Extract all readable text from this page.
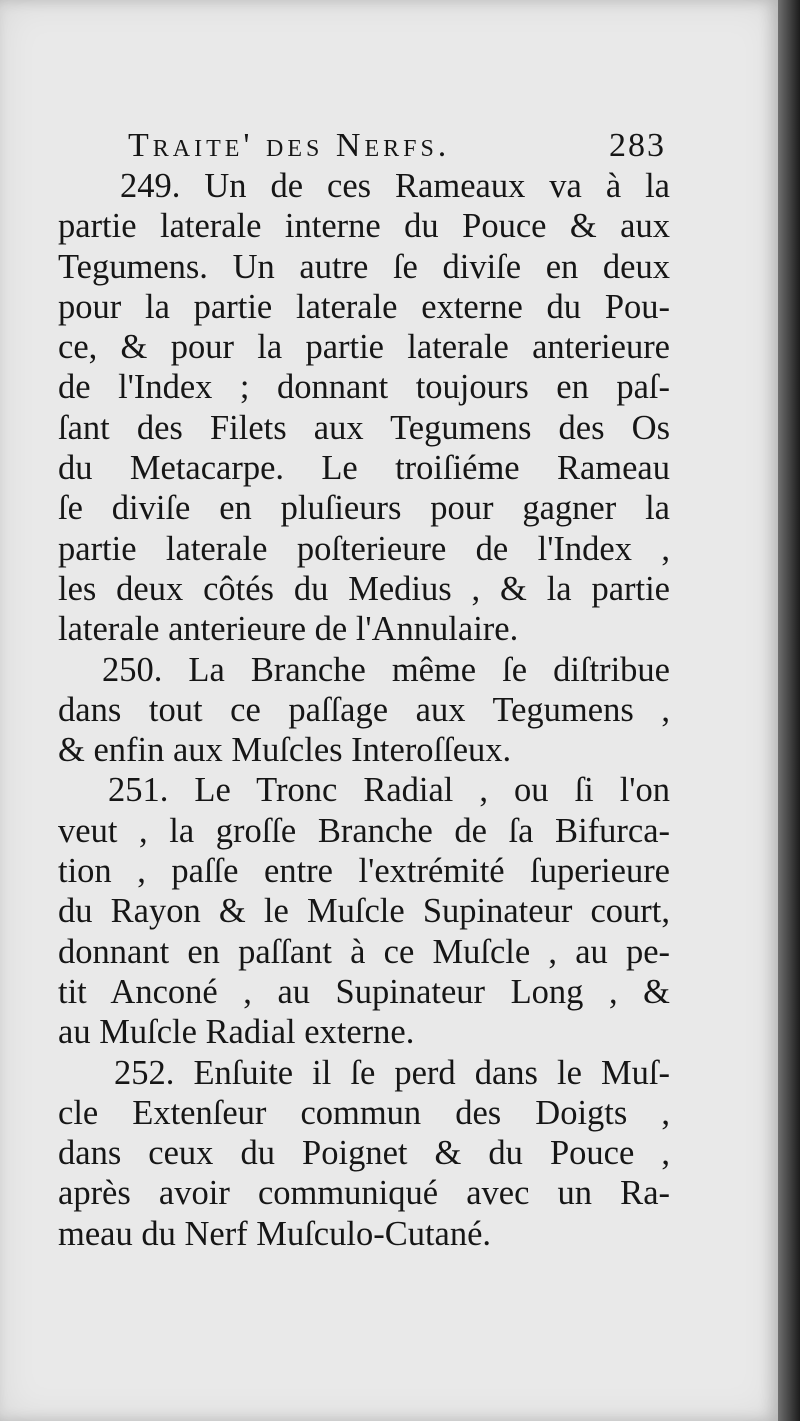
Traite' des Nerfs.	283
249. Un de ces Rameaux va à la
partie laterale interne du Pouce & aux
Tegumens. Un autre ſe diviſe en deux
pour la partie laterale externe du Pou-
ce, & pour la partie laterale anterieure
de l'Index ; donnant toujours en paſ-
ſant des Filets aux Tegumens des Os
du Metacarpe. Le troiſiéme Rameau
ſe diviſe en pluſieurs pour gagner la
partie laterale poſterieure de l'Index ,
les deux côtés du Medius , & la partie
laterale anterieure de l'Annulaire.
250. La Branche même ſe diſtribue
dans tout ce paſſage aux Tegumens ,
& enfin aux Muſcles Interoſſeux.
251. Le Tronc Radial , ou ſi l'on
veut , la groſſe Branche de ſa Bifurca-
tion , paſſe entre l'extrémité ſuperieure
du Rayon & le Muſcle Supinateur court,
donnant en paſſant à ce Muſcle , au pe-
tit Anconé , au Supinateur Long , &
au Muſcle Radial externe.
252. Enſuite il ſe perd dans le Muſ-
cle Extenſeur commun des Doigts ,
dans ceux du Poignet & du Pouce ,
après avoir communiqué avec un Ra-
meau du Nerf Muſculo-Cutané.
